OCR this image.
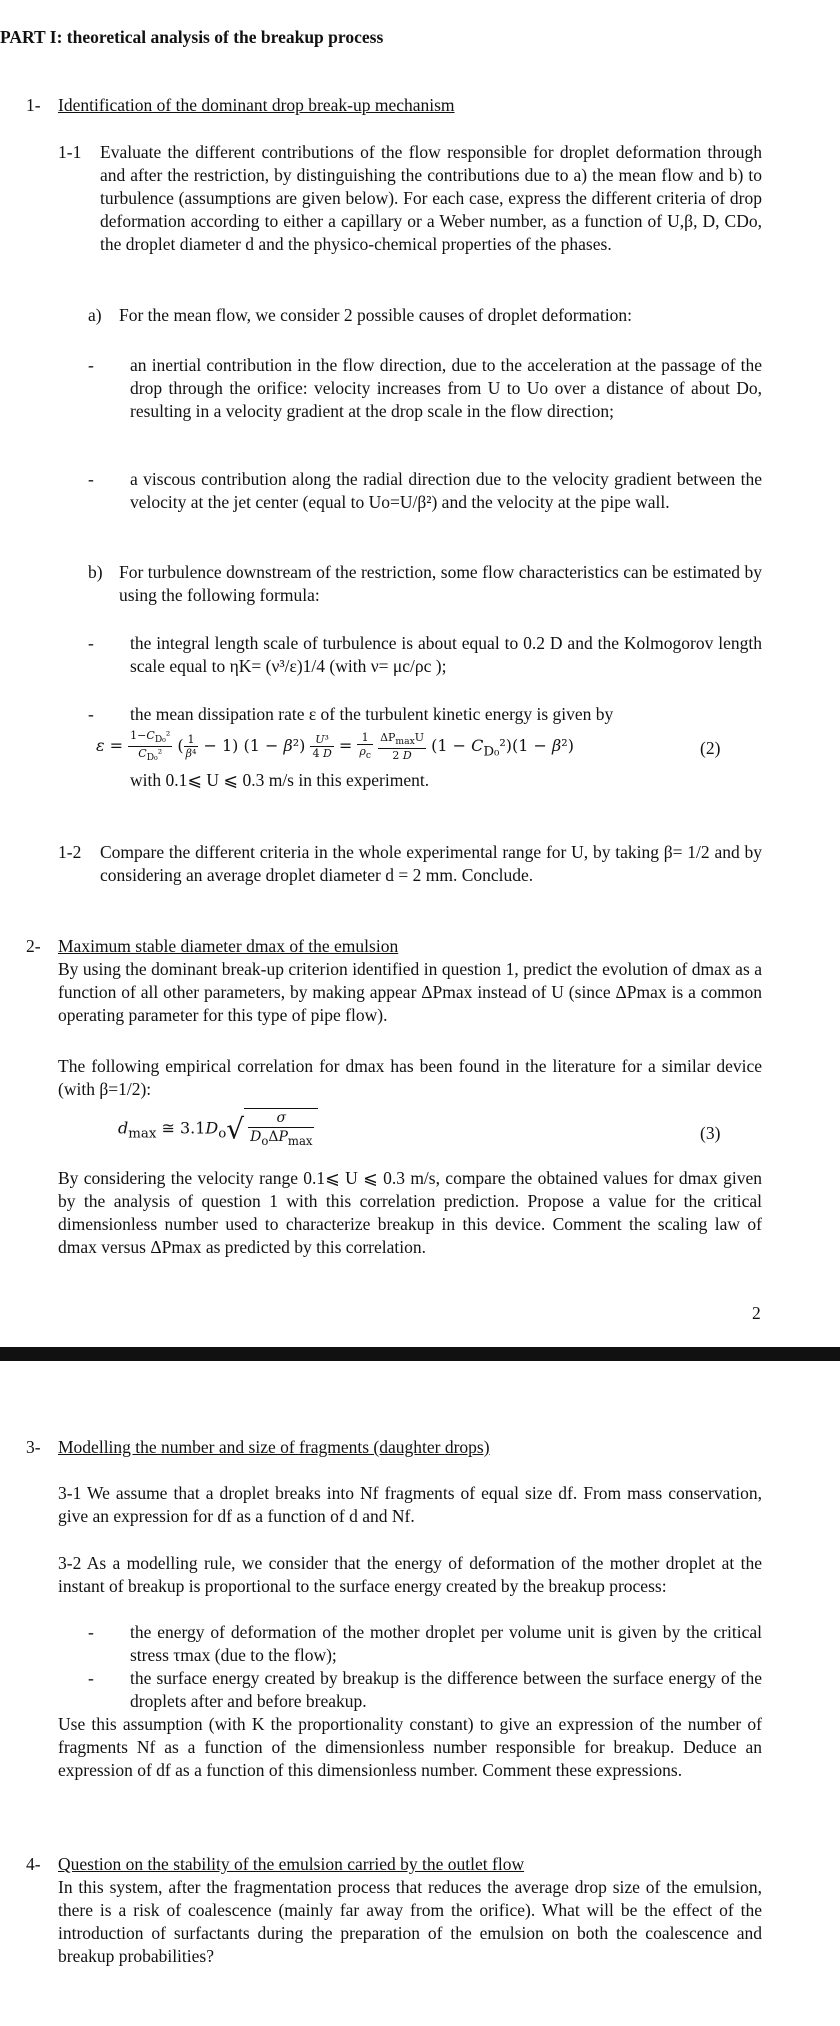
PART I: theoretical analysis of the breakup process
1- Identification of the dominant drop break-up mechanism
1-1 Evaluate the different contributions of the flow responsible for droplet deformation through and after the restriction, by distinguishing the contributions due to a) the mean flow and b) to turbulence (assumptions are given below). For each case, express the different criteria of drop deformation according to either a capillary or a Weber number, as a function of U,β, D, CDo, the droplet diameter d and the physico-chemical properties of the phases.
a) For the mean flow, we consider 2 possible causes of droplet deformation:
- an inertial contribution in the flow direction, due to the acceleration at the passage of the drop through the orifice: velocity increases from U to Uo over a distance of about Do, resulting in a velocity gradient at the drop scale in the flow direction;
- a viscous contribution along the radial direction due to the velocity gradient between the velocity at the jet center (equal to Uo=U/β²) and the velocity at the pipe wall.
b) For turbulence downstream of the restriction, some flow characteristics can be estimated by using the following formula:
- the integral length scale of turbulence is about equal to 0.2 D and the Kolmogorov length scale equal to ηK= (ν³/ε)1/4 (with ν= μc/ρc );
- the mean dissipation rate ε of the turbulent kinetic energy is given by
$\varepsilon = \frac{1-C_{D_0}^2}{C_{D_0}^2}$ ( $\frac{1}{\text{β⁴}} - 1$) $(1 - \beta^2) \frac{\text{U³}}{4 D} = \frac{1}{\rho_c}$
$\frac{\Delta P_{max}U}{2 D} (1 - C_{D_0}^2)(1 - \beta^2)$	(2)
with 0.1⩽ U ⩽ 0.3 m/s in this experiment.
1-2 Compare the different criteria in the whole experimental range for U, by taking β= 1/2 and by considering an average droplet diameter d = 2 mm. Conclude.
2- Maximum stable diameter dmax of the emulsion
By using the dominant break-up criterion identified in question 1, predict the evolution of dmax as a function of all other parameters, by making appear ΔPmax instead of U (since ΔPmax is a common operating parameter for this type of pipe flow).
The following empirical correlation for dmax has been found in the literature for a similar device (with β=1/2):
$d_{max}$ ≅ $3.1D_o√ \frac{\sigma}{D_o\Delta P_{max}}$	(3)
By considering the velocity range 0.1⩽ U ⩽ 0.3 m/s, compare the obtained values for dmax given by the analysis of question 1 with this correlation prediction. Propose a value for the critical dimensionless number used to characterize breakup in this device. Comment the scaling law of dmax versus ΔPmax as predicted by this correlation.
2
3- Modelling the number and size of fragments (daughter drops)
3-1 We assume that a droplet breaks into Nf fragments of equal size df. From mass conservation, give an expression for df as a function of d and Nf.
3-2 As a modelling rule, we consider that the energy of deformation of the mother droplet at the instant of breakup is proportional to the surface energy created by the breakup process:
- the energy of deformation of the mother droplet per volume unit is given by the critical stress τmax (due to the flow);
- the surface energy created by breakup is the difference between the surface energy of the droplets after and before breakup.
Use this assumption (with K the proportionality constant) to give an expression of the number of fragments Nf as a function of the dimensionless number responsible for breakup. Deduce an expression of df as a function of this dimensionless number. Comment these expressions.
4- Question on the stability of the emulsion carried by the outlet flow
In this system, after the fragmentation process that reduces the average drop size of the emulsion, there is a risk of coalescence (mainly far away from the orifice). What will be the effect of the introduction of surfactants during the preparation of the emulsion on both the coalescence and breakup probabilities?
